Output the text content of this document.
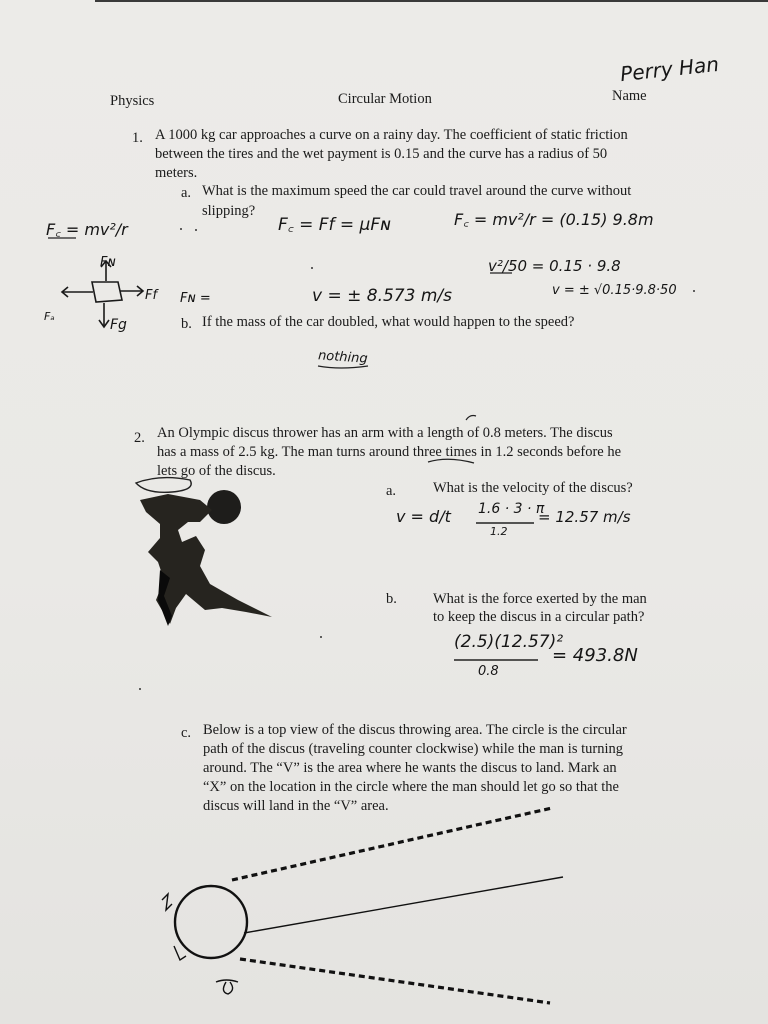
Physics	Circular Motion	Name
Perry Han
1. A 1000 kg car approaches a curve on a rainy day. The coefficient of static friction
between the tires and the wet payment is 0.15 and the curve has a radius of 50
meters.
a. What is the maximum speed the car could travel around the curve without
slipping?
F꜀ = mv²/r	F꜀ = Ff = μFɴ	F꜀ = mv²/r = (0.15) 9.8m
v²/50 = 0.15 · 9.8
v = ± √0.15·9.8·50
Fɴ =	v = ± 8.573 m/s
Fɴ
Ff
Fg
Fₐ	b. If the mass of the car doubled, what would happen to the speed?
nothing
2. An Olympic discus thrower has an arm with a length of 0.8 meters. The discus
has a mass of 2.5 kg. The man turns around three times in 1.2 seconds before he
lets go of the discus.
a.	What is the velocity of the discus?
v = d/t 1.6 · 3 · π
1.2
= 12.57 m/s
b. What is the force exerted by the man
to keep the discus in a circular path?
(2.5)(12.57)²
0.8
= 493.8N
c. Below is a top view of the discus throwing area. The circle is the circular
path of the discus (traveling counter clockwise) while the man is turning
around. The “V” is the area where he wants the discus to land. Mark an
“X” on the location in the circle where the man should let go so that the
discus will land in the “V” area.
